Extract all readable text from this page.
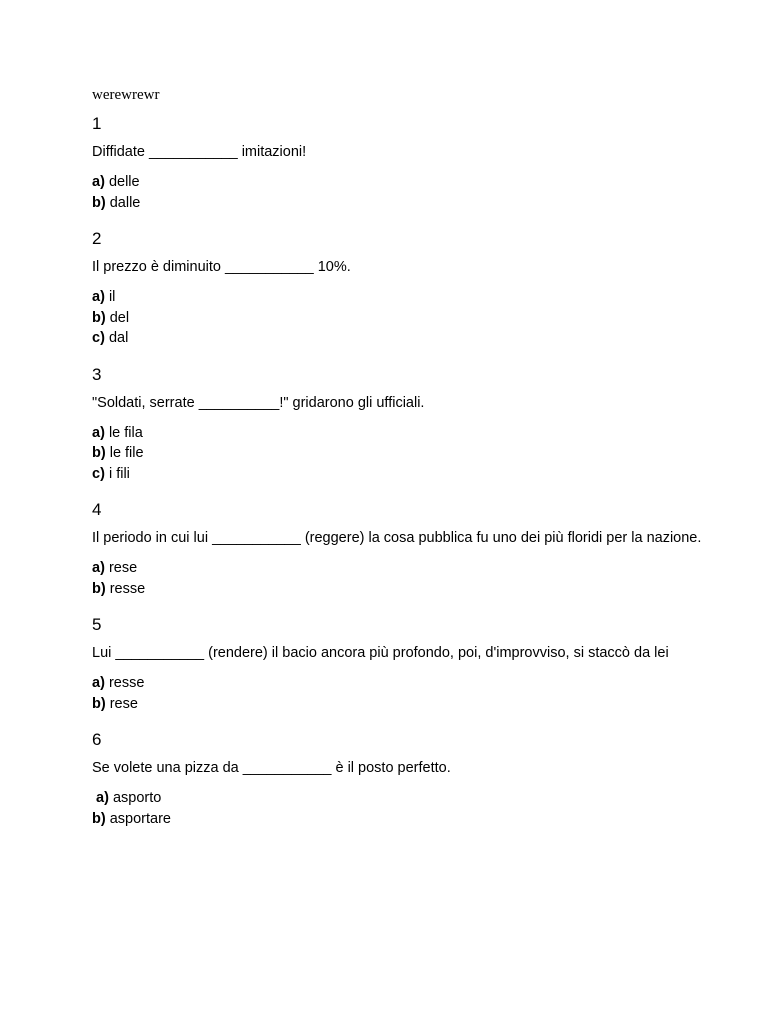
werewrewr

1
Diffidate ___________ imitazioni!
a) delle
b) dalle
2
Il prezzo è diminuito ___________ 10%.
a) il
b) del
c) dal
3
"Soldati, serrate __________!" gridarono gli ufficiali.
a) le fila
b) le file
c) i fili
4
Il periodo in cui lui ___________ (reggere) la cosa pubblica fu uno dei più floridi per la nazione.
a) rese
b) resse
5
Lui ___________ (rendere) il bacio ancora più profondo, poi, d'improvviso, si staccò da lei
a) resse
b) rese
6
Se volete una pizza da ___________ è il posto perfetto.
a) asporto
b) asportare
